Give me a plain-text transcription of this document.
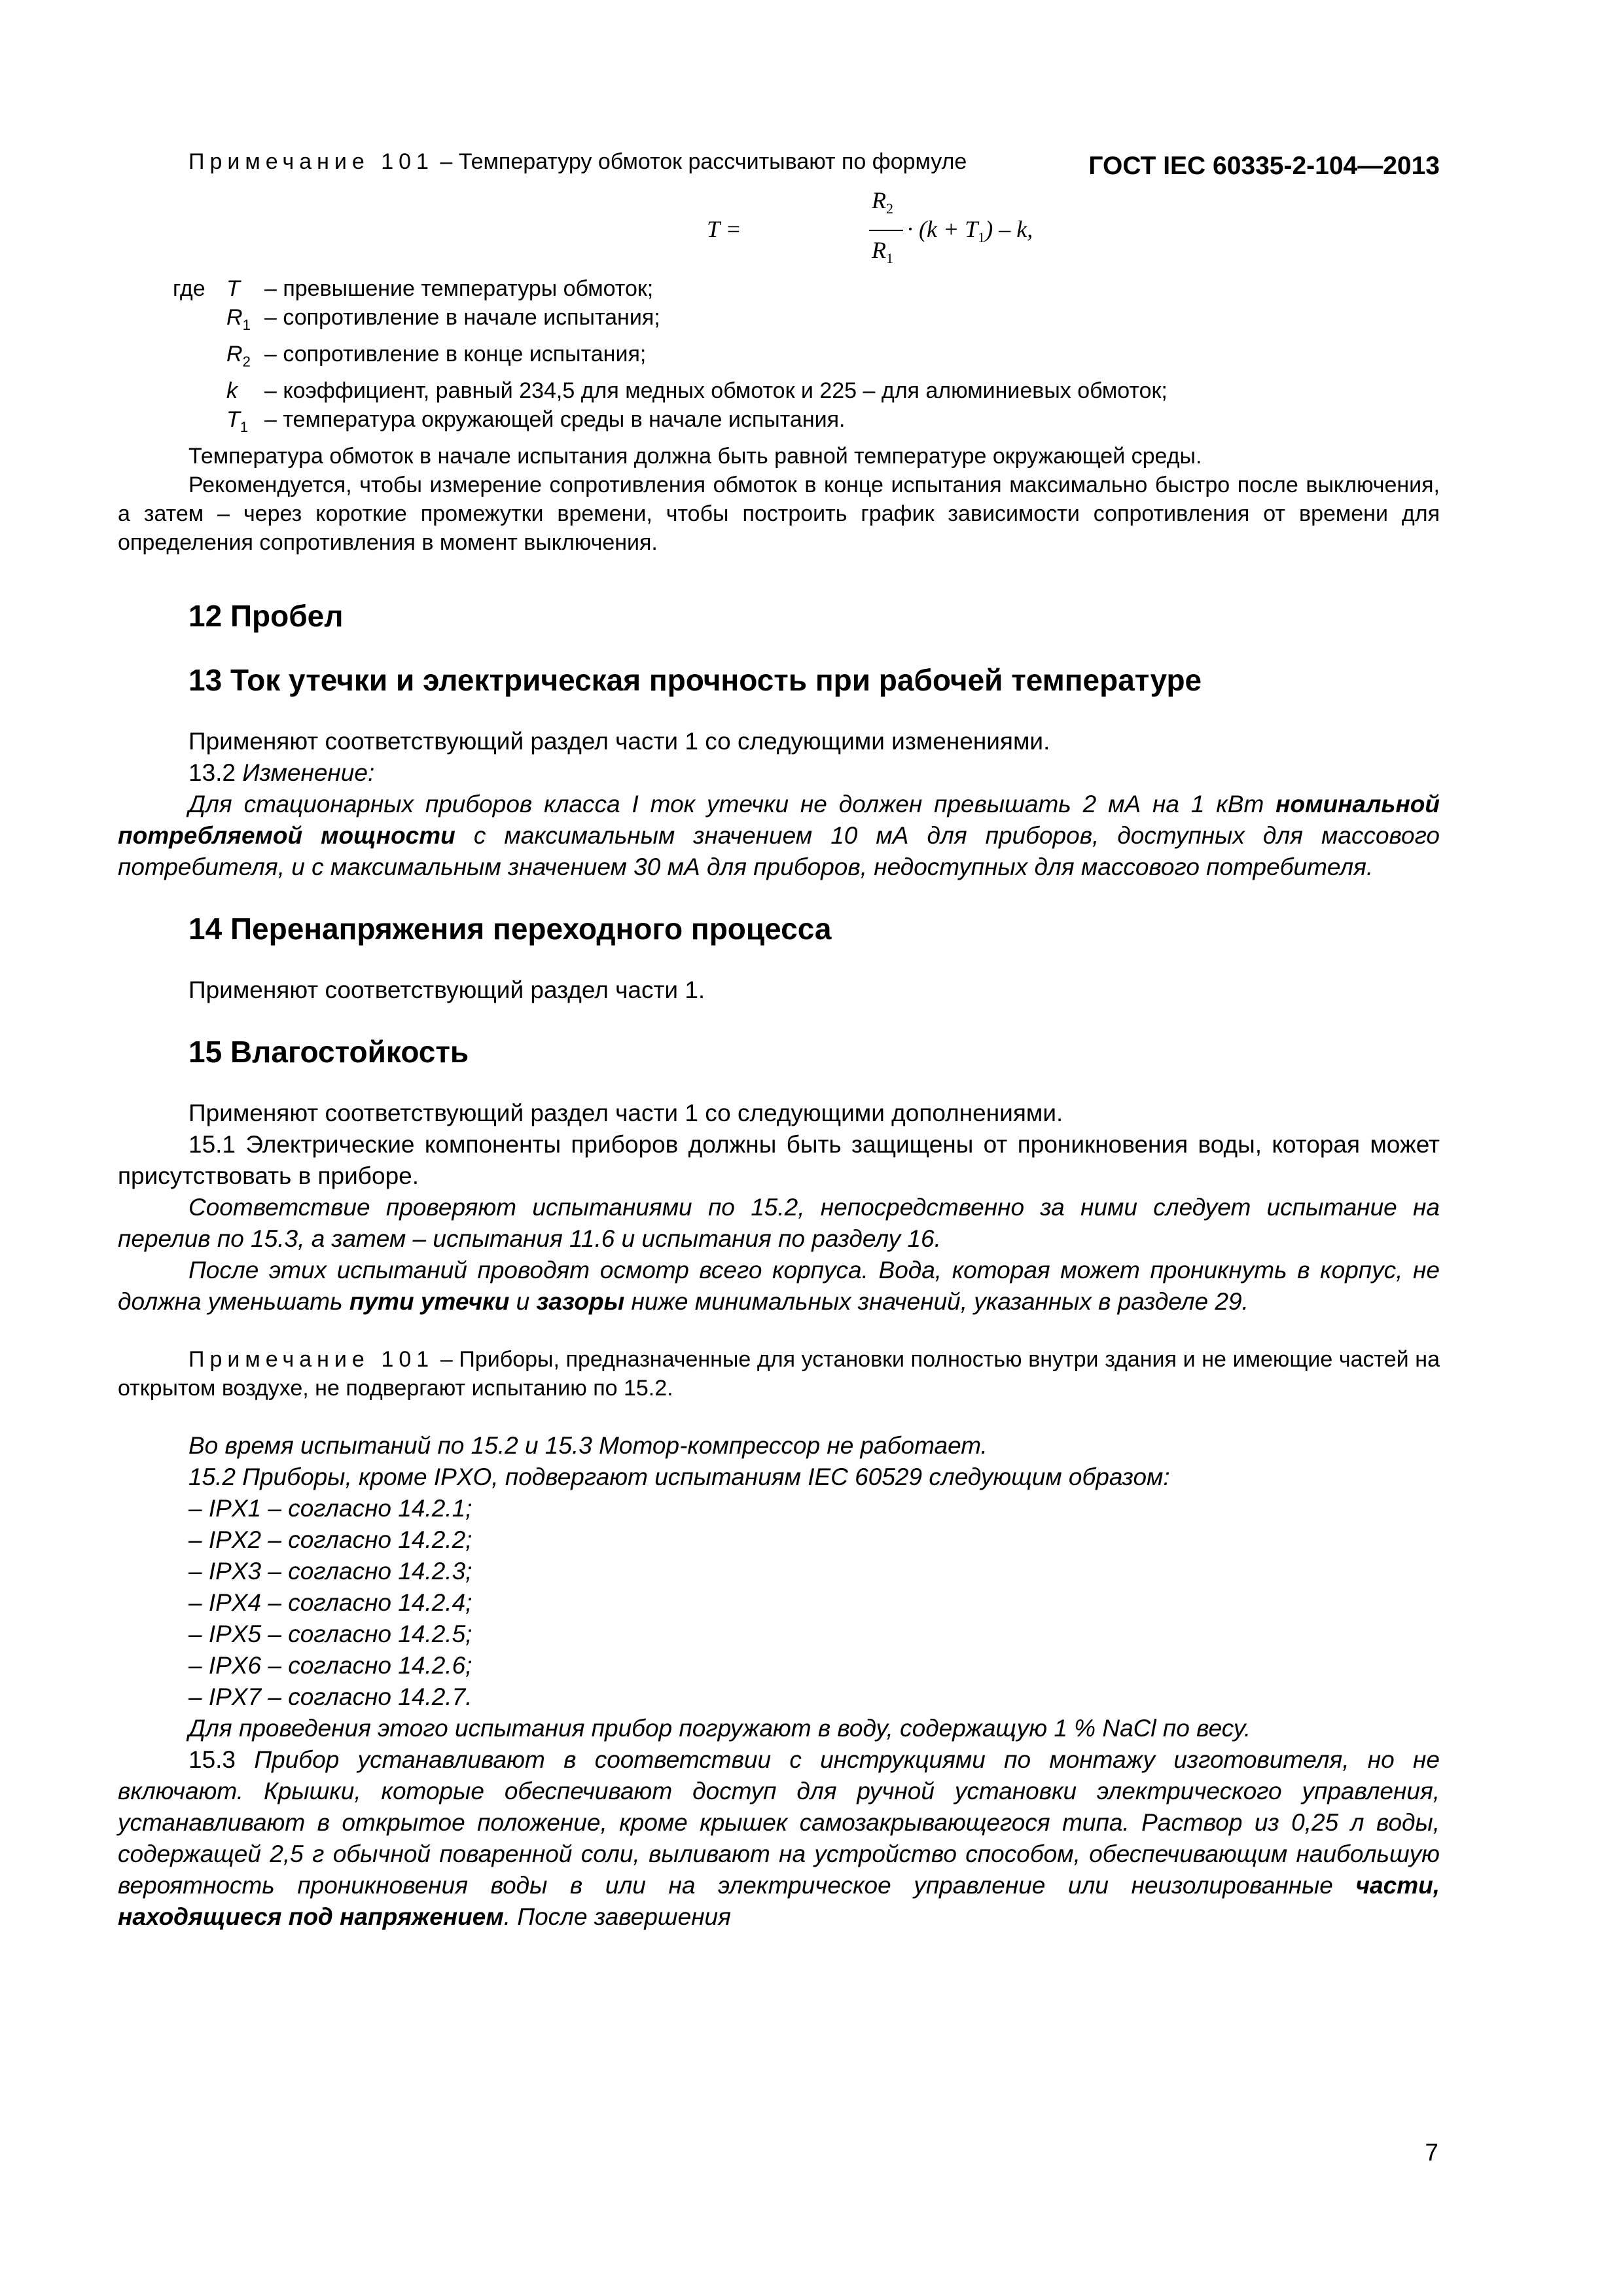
ГОСТ IEC 60335-2-104—2013

Примечание 101 – Температуру обмоток рассчитывают по формуле

T =
$R_2$
$R_1$
· $(k + T_1) - k$,
гдеT – превышение температуры обмоток;
$R_1$ – сопротивление в начале испытания;
$R_2$ – сопротивление в конце испытания;
k – коэффициент, равный 234,5 для медных обмоток и 225 – для алюминиевых обмоток;
$T_1$ – температура окружающей среды в начале испытания.

Температура обмоток в начале испытания должна быть равной температуре окружающей среды.

Рекомендуется, чтобы измерение сопротивления обмоток в конце испытания максимально быстро после выключения, а затем – через короткие промежутки времени, чтобы построить график зависимости сопротивления от времени для определения сопротивления в момент выключения.

12 Пробел
13 Ток утечки и электрическая прочность при рабочей температуре

Применяют соответствующий раздел части 1 со следующими изменениями.

13.2 Изменение:

Для стационарных приборов класса I ток утечки не должен превышать 2 мА на 1 кВт номинальной потребляемой мощности с максимальным значением 10 мА для приборов, доступных для массового потребителя, и с максимальным значением 30 мА для приборов, недоступных для массового потребителя.

14 Перенапряжения переходного процесса

Применяют соответствующий раздел части 1.

15 Влагостойкость

Применяют соответствующий раздел части 1 со следующими дополнениями.

15.1 Электрические компоненты приборов должны быть защищены от проникновения воды, которая может присутствовать в приборе.

Соответствие проверяют испытаниями по 15.2, непосредственно за ними следует испытание на перелив по 15.3, а затем – испытания 11.6 и испытания по разделу 16.

После этих испытаний проводят осмотр всего корпуса. Вода, которая может проникнуть в корпус, не должна уменьшать пути утечки и зазоры ниже минимальных значений, указанных в разделе 29.

Примечание 101 – Приборы, предназначенные для установки полностью внутри здания и не имеющие частей на открытом воздухе, не подвергают испытанию по 15.2.

Во время испытаний по 15.2 и 15.3 Мотор-компрессор не работает.

15.2 Приборы, кроме IPXO, подвергают испытаниям IEC 60529 следующим образом:

– IPX1 – согласно 14.2.1;

– IPX2 – согласно 14.2.2;

– IPX3 – согласно 14.2.3;

– IPX4 – согласно 14.2.4;

– IPX5 – согласно 14.2.5;

– IPX6 – согласно 14.2.6;

– IPX7 – согласно 14.2.7.

Для проведения этого испытания прибор погружают в воду, содержащую 1 % NaCl по весу.

15.3 Прибор устанавливают в соответствии с инструкциями по монтажу изготовителя, но не включают. Крышки, которые обеспечивают доступ для ручной установки электрического управления, устанавливают в открытое положение, кроме крышек самозакрывающегося типа. Раствор из 0,25 л воды, содержащей 2,5 г обычной поваренной соли, выливают на устройство способом, обеспечивающим наибольшую вероятность проникновения воды в или на электрическое управление или неизолированные части, находящиеся под напряжением. После завершения

7
